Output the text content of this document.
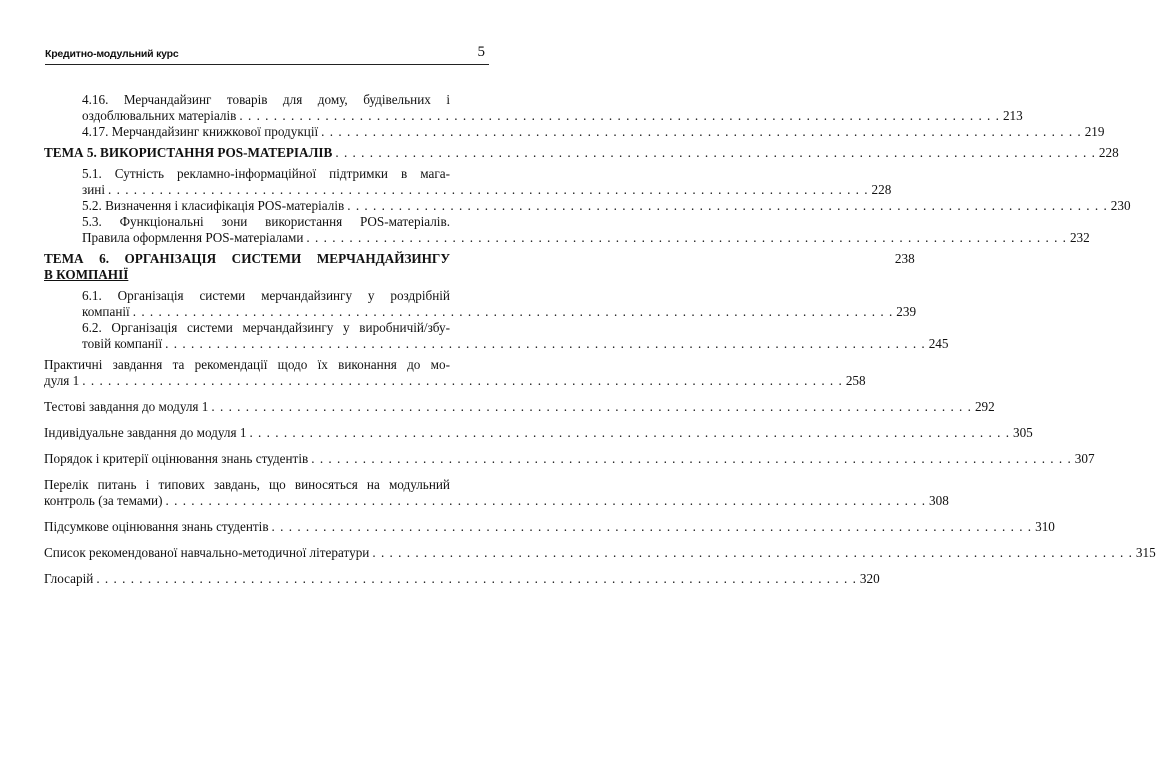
Кредитно-модульний курс	5
4.16. Мерчандайзинг товарів для дому, будівельних і
оздоблювальних матеріалів . . .	213
4.17. Мерчандайзинг книжкової продукції . . .	219
ТЕМА 5. ВИКОРИСТАННЯ POS-МАТЕРІАЛІВ . . .	228
5.1. Сутність рекламно-інформаційної підтримки в мага-
зині . . .	228
5.2. Визначення і класифікація POS-матеріалів . . .	230
5.3. Функціональні зони використання POS-матеріалів.
Правила оформлення POS-матеріалами . . .	232
ТЕМА 6. ОРГАНІЗАЦІЯ СИСТЕМИ МЕРЧАНДАЙЗИНГУ
В КОМПАНІЇ
238
6.1. Організація системи мерчандайзингу у роздрібній
компанії . . .	239
6.2. Організація системи мерчандайзингу у виробничій/збу-
товій компанії . . .	245
Практичні завдання та рекомендації щодо їх виконання до мо-
дуля 1 . . .	258
Тестові завдання до модуля 1 . . .	292
Індивідуальне завдання до модуля 1 . . .	305
Порядок і критерії оцінювання знань студентів . . .	307
Перелік питань і типових завдань, що виносяться на модульний
контроль (за темами) . . .	308
Підсумкове оцінювання знань студентів . . .	310
Список рекомендованої навчально-методичної літератури . . .	315
Глосарій . . .	320
